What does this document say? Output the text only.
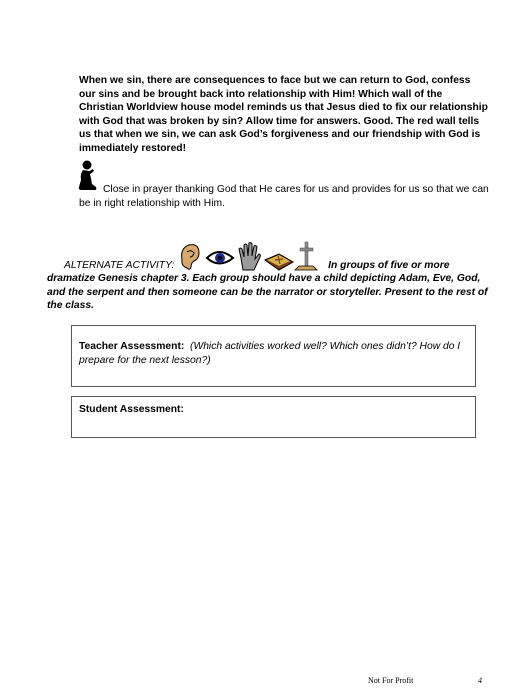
When we sin, there are consequences to face but we can return to God, confess our sins and be brought back into relationship with Him! Which wall of the Christian Worldview house model reminds us that Jesus died to fix our relationship with God that was broken by sin? Allow time for answers. Good. The red wall tells us that when we sin, we can ask God’s forgiveness and our friendship with God is immediately restored!
Close in prayer thanking God that He cares for us and provides for us so that we can be in right relationship with Him.
ALTERNATE ACTIVITY:	In groups of five or more dramatize Genesis chapter 3. Each group should have a child depicting Adam, Eve, God, and the serpent and then someone can be the narrator or storyteller. Present to the rest of the class.
Teacher Assessment: (Which activities worked well? Which ones didn’t? How do I prepare for the next lesson?)
Student Assessment:
Not For Profit	4
